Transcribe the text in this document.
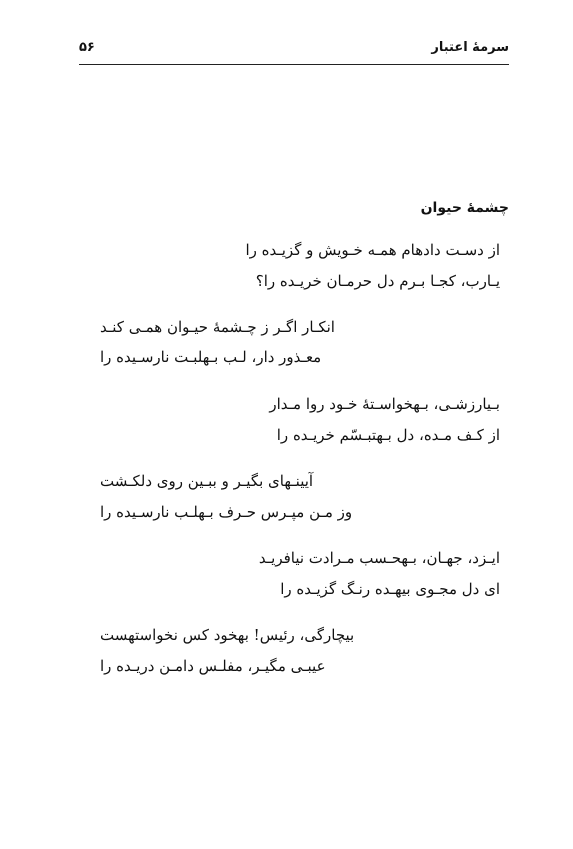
سرمهٔ اعتبار
۵۶
چشمهٔ حیوان
از دسـت دادهام همـه خـویش و گزیـده را
یـارب، کجـا بـرم دل حرمـان خریـده را؟
انکـار اگـر ز چـشمهٔ حیـوان همـی کنـد
معـذور دار، لـب بـهلبـت نارسـیده را
بـیارزشـی، بـهخواسـتهٔ خـود روا مـدار
از کـف مـده، دل بـهتبـسّم خریـده را
آیینـهای بگیـر و ببـین روی دلکـشت
وز مـن مپـرس حـرف بـهلـب نارسـیده را
ایـزد، جهـان، بـهحـسب مـرادت نیافریـد
ای دل مجـوی بیهـده رنـگ گزیـده را
بیچارگی، رئیس! بهخود کس نخواستهست
عیبـی مگیـر، مفلـس دامـن دریـده را
